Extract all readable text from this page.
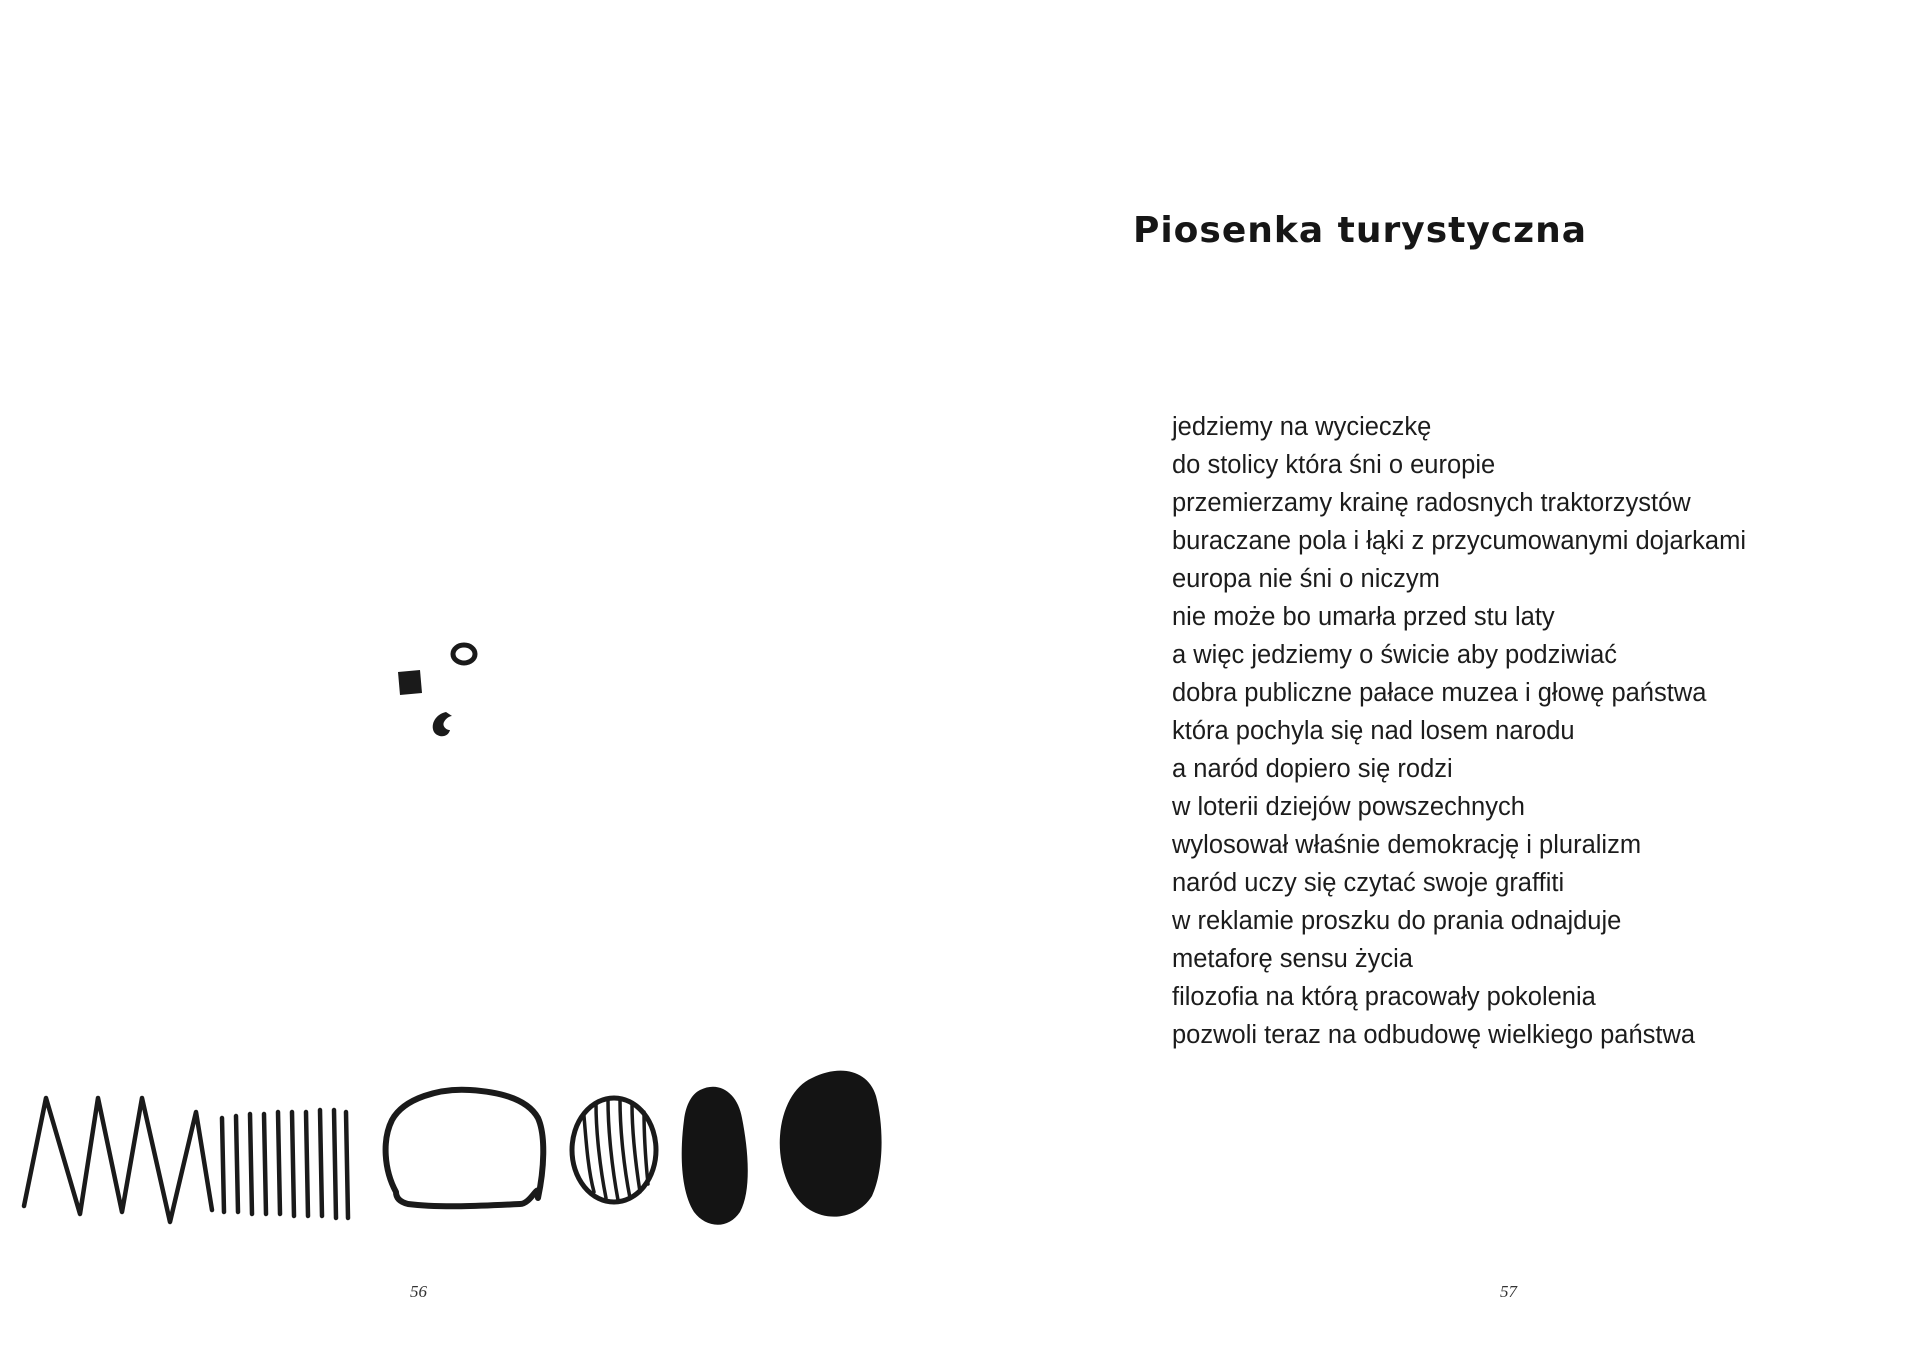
56
Piosenka turystyczna
jedziemy na wycieczkę
do stolicy która śni o europie
przemierzamy krainę radosnych traktorzystów
buraczane pola i łąki z przycumowanymi dojarkami
europa nie śni o niczym
nie może bo umarła przed stu laty
a więc jedziemy o świcie aby podziwiać
dobra publiczne pałace muzea i głowę państwa
która pochyla się nad losem narodu
a naród dopiero się rodzi
w loterii dziejów powszechnych
wylosował właśnie demokrację i pluralizm
naród uczy się czytać swoje graffiti
w reklamie proszku do prania odnajduje
metaforę sensu życia
filozofia na którą pracowały pokolenia
pozwoli teraz na odbudowę wielkiego państwa
57
